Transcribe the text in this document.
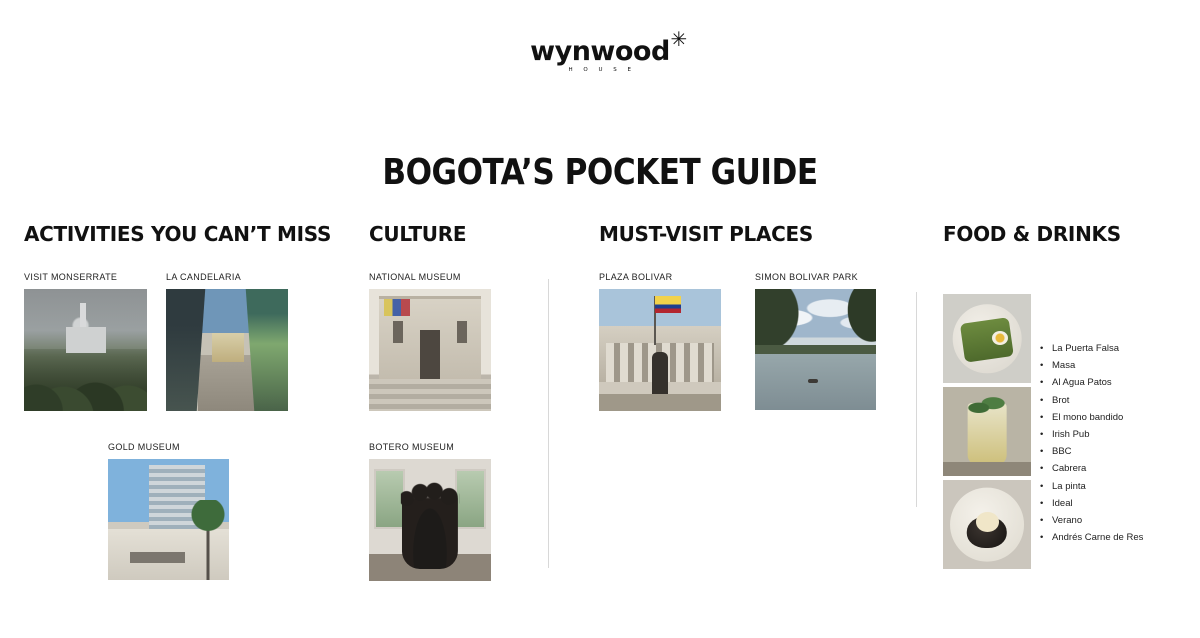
wynwood ✳
H O U S E
BOGOTA’S POCKET GUIDE
ACTIVITIES YOU CAN’T MISS
VISIT MONSERRATE	LA CANDELARIA
GOLD MUSEUM
CULTURE
NATIONAL MUSEUM
BOTERO MUSEUM
MUST-VISIT PLACES
PLAZA BOLIVAR	SIMON BOLIVAR PARK
FOOD & DRINKS
• La Puerta Falsa
• Masa
• Al Agua Patos
• Brot
• El mono bandido
• Irish Pub
• BBC
• Cabrera
• La pinta
• Ideal
• Verano
• Andrés Carne de Res
